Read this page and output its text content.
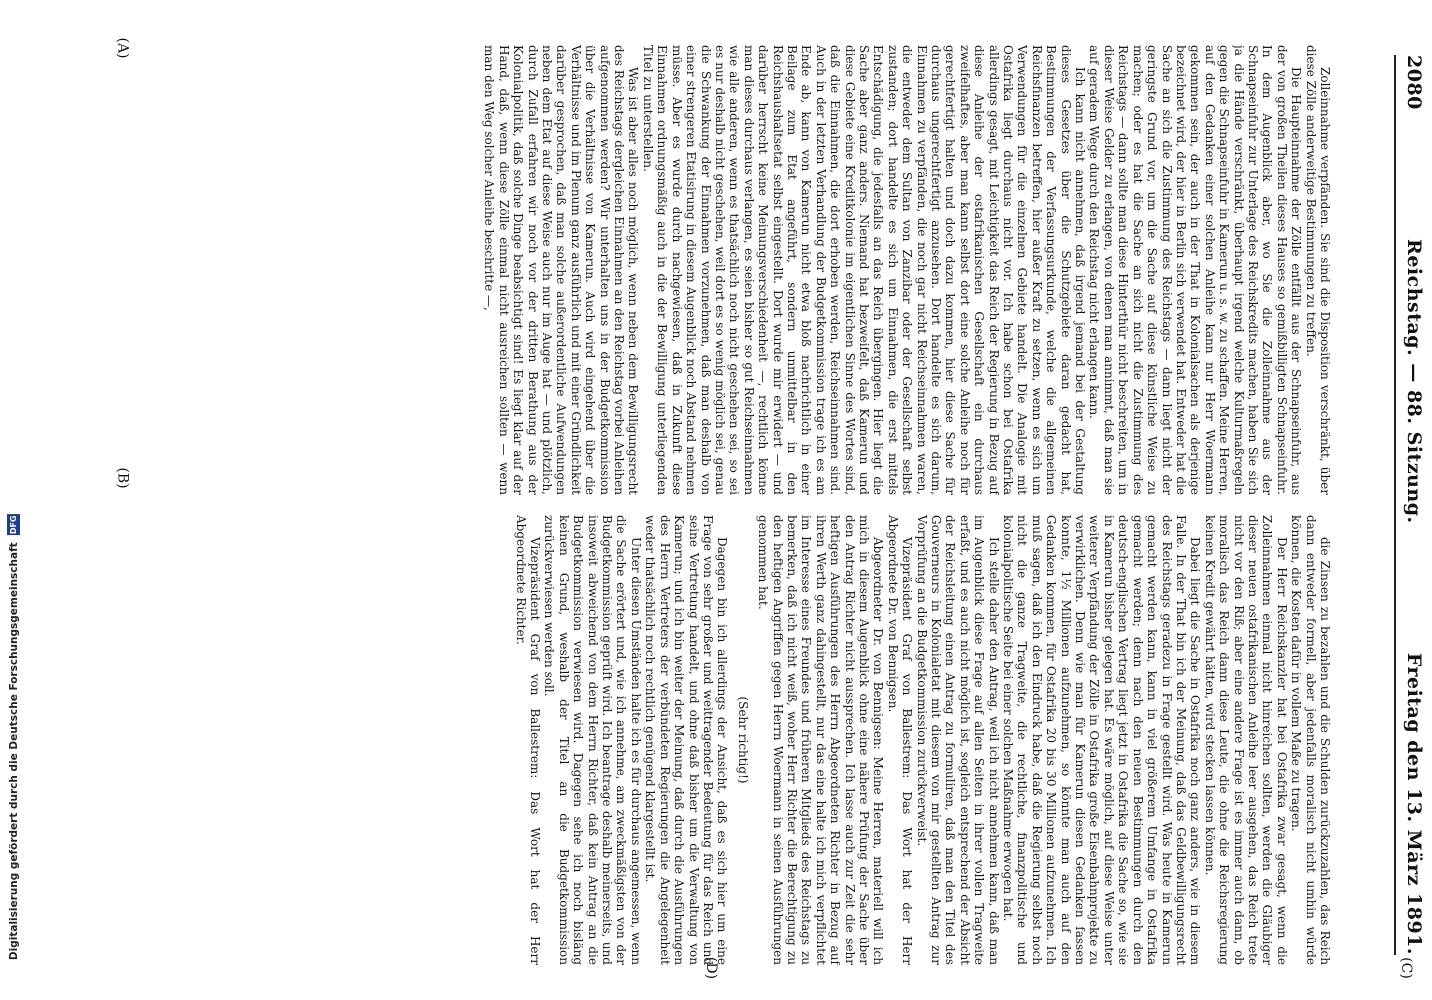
2080
Reichstag. — 88. Sitzung.
Freitag den 13. März 1891.

Zolleinnahme verpfänden. Sie sind die Disposition verschränkt, über diese Zölle anderweitige Bestimmungen zu treffen.

Die Haupteinnahme der Zölle entfällt aus der Schnapseinfuhr, aus der von großen Theilen dieses Hauses so gemißbilligten Schnapseinfuhr. In dem Augenblick aber, wo Sie die Zolleinnahme aus der Schnapseinfuhr zur Unterlage des Reichskredits machen, haben Sie sich ja die Hände verschränkt, überhaupt irgend welche Kulturmaßregeln gegen die Schnapseinfuhr in Kamerun u. s. w. zu schaffen. Meine Herren, auf den Gedanken einer solchen Anleihe kann nur Herr Woermann gekommen sein, der auch in der That in Kolonialsachen als derjenige bezeichnet wird, der hier in Berlin sich verwendet hat. Entweder hat die Sache an sich die Zustimmung des Reichstags — dann liegt nicht der geringste Grund vor, um die Sache auf diese künstliche Weise zu machen; oder es hat die Sache an sich nicht die Zustimmung des Reichstags — dann sollte man diese Hinterthür nicht beschreiten, um in dieser Weise Gelder zu erlangen, von denen man annimmt, daß man sie auf geradem Wege durch den Reichstag nicht erlangen kann.

Ich kann nicht annehmen, daß irgend jemand bei der Gestaltung dieses Gesetzes über die Schutzgebiete daran gedacht hat, Bestimmungen der Verfassungsurkunde, welche die allgemeinen Reichsfinanzen betreffen, hier außer Kraft zu setzen, wenn es sich um Verwendungen für die einzelnen Gebiete handelt. Die Analogie mit Ostafrika liegt durchaus nicht vor. Ich habe schon bei Ostafrika allerdings gesagt, mit Leichtigkeit das Reich der Regierung in Bezug auf diese Anleihe der ostafrikanischen Gesellschaft ein durchaus zweifelhaftes, aber man kann selbst dort eine solche Anleihe noch für gerechtfertigt halten und doch dazu kommen, hier diese Sache für durchaus ungerechtfertigt anzusehen. Dort handelte es sich darum, Einnahmen zu verpfänden, die noch gar nicht Reichseinnahmen waren, die entweder dem Sultan von Zanzibar oder der Gesellschaft selbst zustanden; dort handelte es sich um Einnahmen, die erst mittels Entschädigung, die jedesfalls an das Reich übergingen. Hier liegt die Sache aber ganz anders. Niemand hat bezweifelt, daß Kamerun und diese Gebiete eine Kreditkolonie im eigentlichen Sinne des Wortes sind, daß die Einnahmen, die dort erhoben werden, Reichseinnahmen sind. Auch in der letzten Verhandlung der Budgetkommission trage ich es am Ende ab, kann von Kamerun nicht etwa bloß nachrichtlich in einer Beilage zum Etat angeführt, sondern unmittelbar in den Reichshaushaltsetat selbst eingestellt. Dort wurde mir erwidert — und darüber herrscht keine Meinungsverschiedenheit —, rechtlich könne man dieses durchaus verlangen, es seien bisher so gut Reichseinnahmen wie alle anderen, wenn es thatsächlich noch nicht geschehen sei, so sei es nur deshalb nicht geschehen, weil dort es so wenig möglich sei, genau die Schwankung der Einnahmen vorzunehmen, daß man deshalb von einer strengeren Etatisirung in diesem Augenblick noch Abstand nehmen müsse. Aber es wurde durch nachgewiesen, daß in Zukunft diese Einnahmen ordnungsmäßig auch in die der Bewilligung unterliegenden Titel zu unterstellen.

Was ist aber alles noch möglich, wenn neben dem Bewilligungsrecht des Reichstags dergleichen Einnahmen an den Reichstag vorbei Anleihen aufgenommen werden? Wir unterhalten uns in der Budgetkommission über die Verhältnisse von Kamerun. Auch wird eingehend über die Verhältnisse und im Plenum ganz ausführlich und mit einer Gründlichkeit darüber gesprochen, daß man solche außerordentliche Aufwendungen neben dem Etat auf diese Weise auch nur im Auge hat — und plötzlich, durch Zufall erfahren wir noch vor der dritten Berathung aus der Kolonialpolitik, daß solche Dinge beabsichtigt sind! Es liegt klar auf der Hand, daß, wenn diese Zölle einmal nicht ausreichen sollten — wenn man den Weg solcher Anleihe beschritte —,

die Zinsen zu bezahlen und die Schulden zurückzuzahlen, das Reich dann entweder formell, aber jedenfalls moralisch nicht umhin würde können, die Kosten dafür in vollem Maße zu tragen.

Der Herr Reichskanzler hat bei Ostafrika zwar gesagt, wenn die Zolleinnahmen einmal nicht hinreichen sollten, werden die Gläubiger dieser neuen ostafrikanischen Anleihe leer ausgehen, das Reich trete nicht vor den Riß; aber eine andere Frage ist es immer auch dann, ob moralisch das Reich dann diese Leute, die ohne die Reichsregierung keinen Kredit gewährt hätten, wird stecken lassen können.

Dabei liegt die Sache in Ostafrika noch ganz anders, wie in diesem Falle. In der That bin ich der Meinung, daß das Geldbewilligungsrecht des Reichstags geradezu in Frage gestellt wird. Was heute in Kamerun gemacht werden kann, kann in viel größerem Umfange in Ostafrika gemacht werden; denn nach den neuen Bestimmungen durch den deutsch-englischen Vertrag liegt jetzt in Ostafrika die Sache so, wie sie in Kamerun bisher gelegen hat. Es wäre möglich, auf diese Weise unter weiterer Verpfändung der Zölle in Ostafrika große Eisenbahnprojekte zu verwirklichen. Denn wie man für Kamerun diesen Gedanken fassen konnte, 1½ Millionen aufzunehmen, so könnte man auch auf den Gedanken kommen, für Ostafrika 20 bis 30 Millionen aufzunehmen. Ich muß sagen, daß ich den Eindruck habe, daß die Regierung selbst noch nicht die ganze Tragweite, die rechtliche, finanzpolitische und kolonialpolitische Seite bei einer solchen Maßnahme erwogen hat.

Ich stelle daher den Antrag, weil ich nicht annehmen kann, daß man im Augenblick diese Frage auf allen Seiten in ihrer vollen Tragweite erfaßt, und es auch nicht möglich ist, sogleich entsprechend der Absicht der Reichsleitung einen Antrag zu formuliren, daß man den Titel des Gouverneurs in Kolonialetat mit diesem von mir gestellten Antrag zur Vorprüfung an die Budgetkommission zurückverweist.

Vizepräsident Graf von Ballestrem: Das Wort hat der Herr Abgeordnete Dr. von Bennigsen.

Abgeordneter Dr. von Bennigsen: Meine Herren, materiell will ich mich in diesem Augenblick ohne eine nähere Prüfung der Sache über den Antrag Richter nicht aussprechen. Ich lasse auch zur Zeit die sehr heftigen Ausführungen des Herrn Abgeordneten Richter in Bezug auf ihren Werth ganz dahingestellt, nur das eine halte ich mich verpflichtet im Interesse eines Freundes und früheren Mitglieds des Reichstags zu bemerken, daß ich nicht weiß, woher Herr Richter die Berechtigung zu den heftigen Angriffen gegen Herrn Woermann in seinen Ausführungen genommen hat.

(Sehr richtig!)

Dagegen bin ich allerdings der Ansicht, daß es sich hier um eine Frage von sehr großer und weittragender Bedeutung für das Reich und seine Vertretung handelt, und ohne daß bisher um die Verwaltung von Kamerun; und ich bin weiter der Meinung, daß durch die Ausführungen des Herrn Vertreters der verbündeten Regierungen die Angelegenheit weder thatsächlich noch rechtlich genügend klargestellt ist.

Unter diesen Umständen halte ich es für durchaus angemessen, wenn die Sache erörtert und, wie ich annehme, am zweckmäßigsten von der Budgetkommission geprüft wird. Ich beantrage deshalb meinerseits, und insoweit abweichend von dem Herrn Richter, daß kein Antrag an die Budgetkommission verwiesen wird. Dagegen sehe ich noch bisläng keinen Grund, weshalb der Titel an die Budgetkommission zurückverwiesen werden soll.

Vizepräsident Graf von Ballestrem: Das Wort hat der Herr Abgeordnete Richter.

Digitalisierung gefördert durch die Deutsche Forschungsgemeinschaft DFG
(A)
(B)
(C)
(D)
